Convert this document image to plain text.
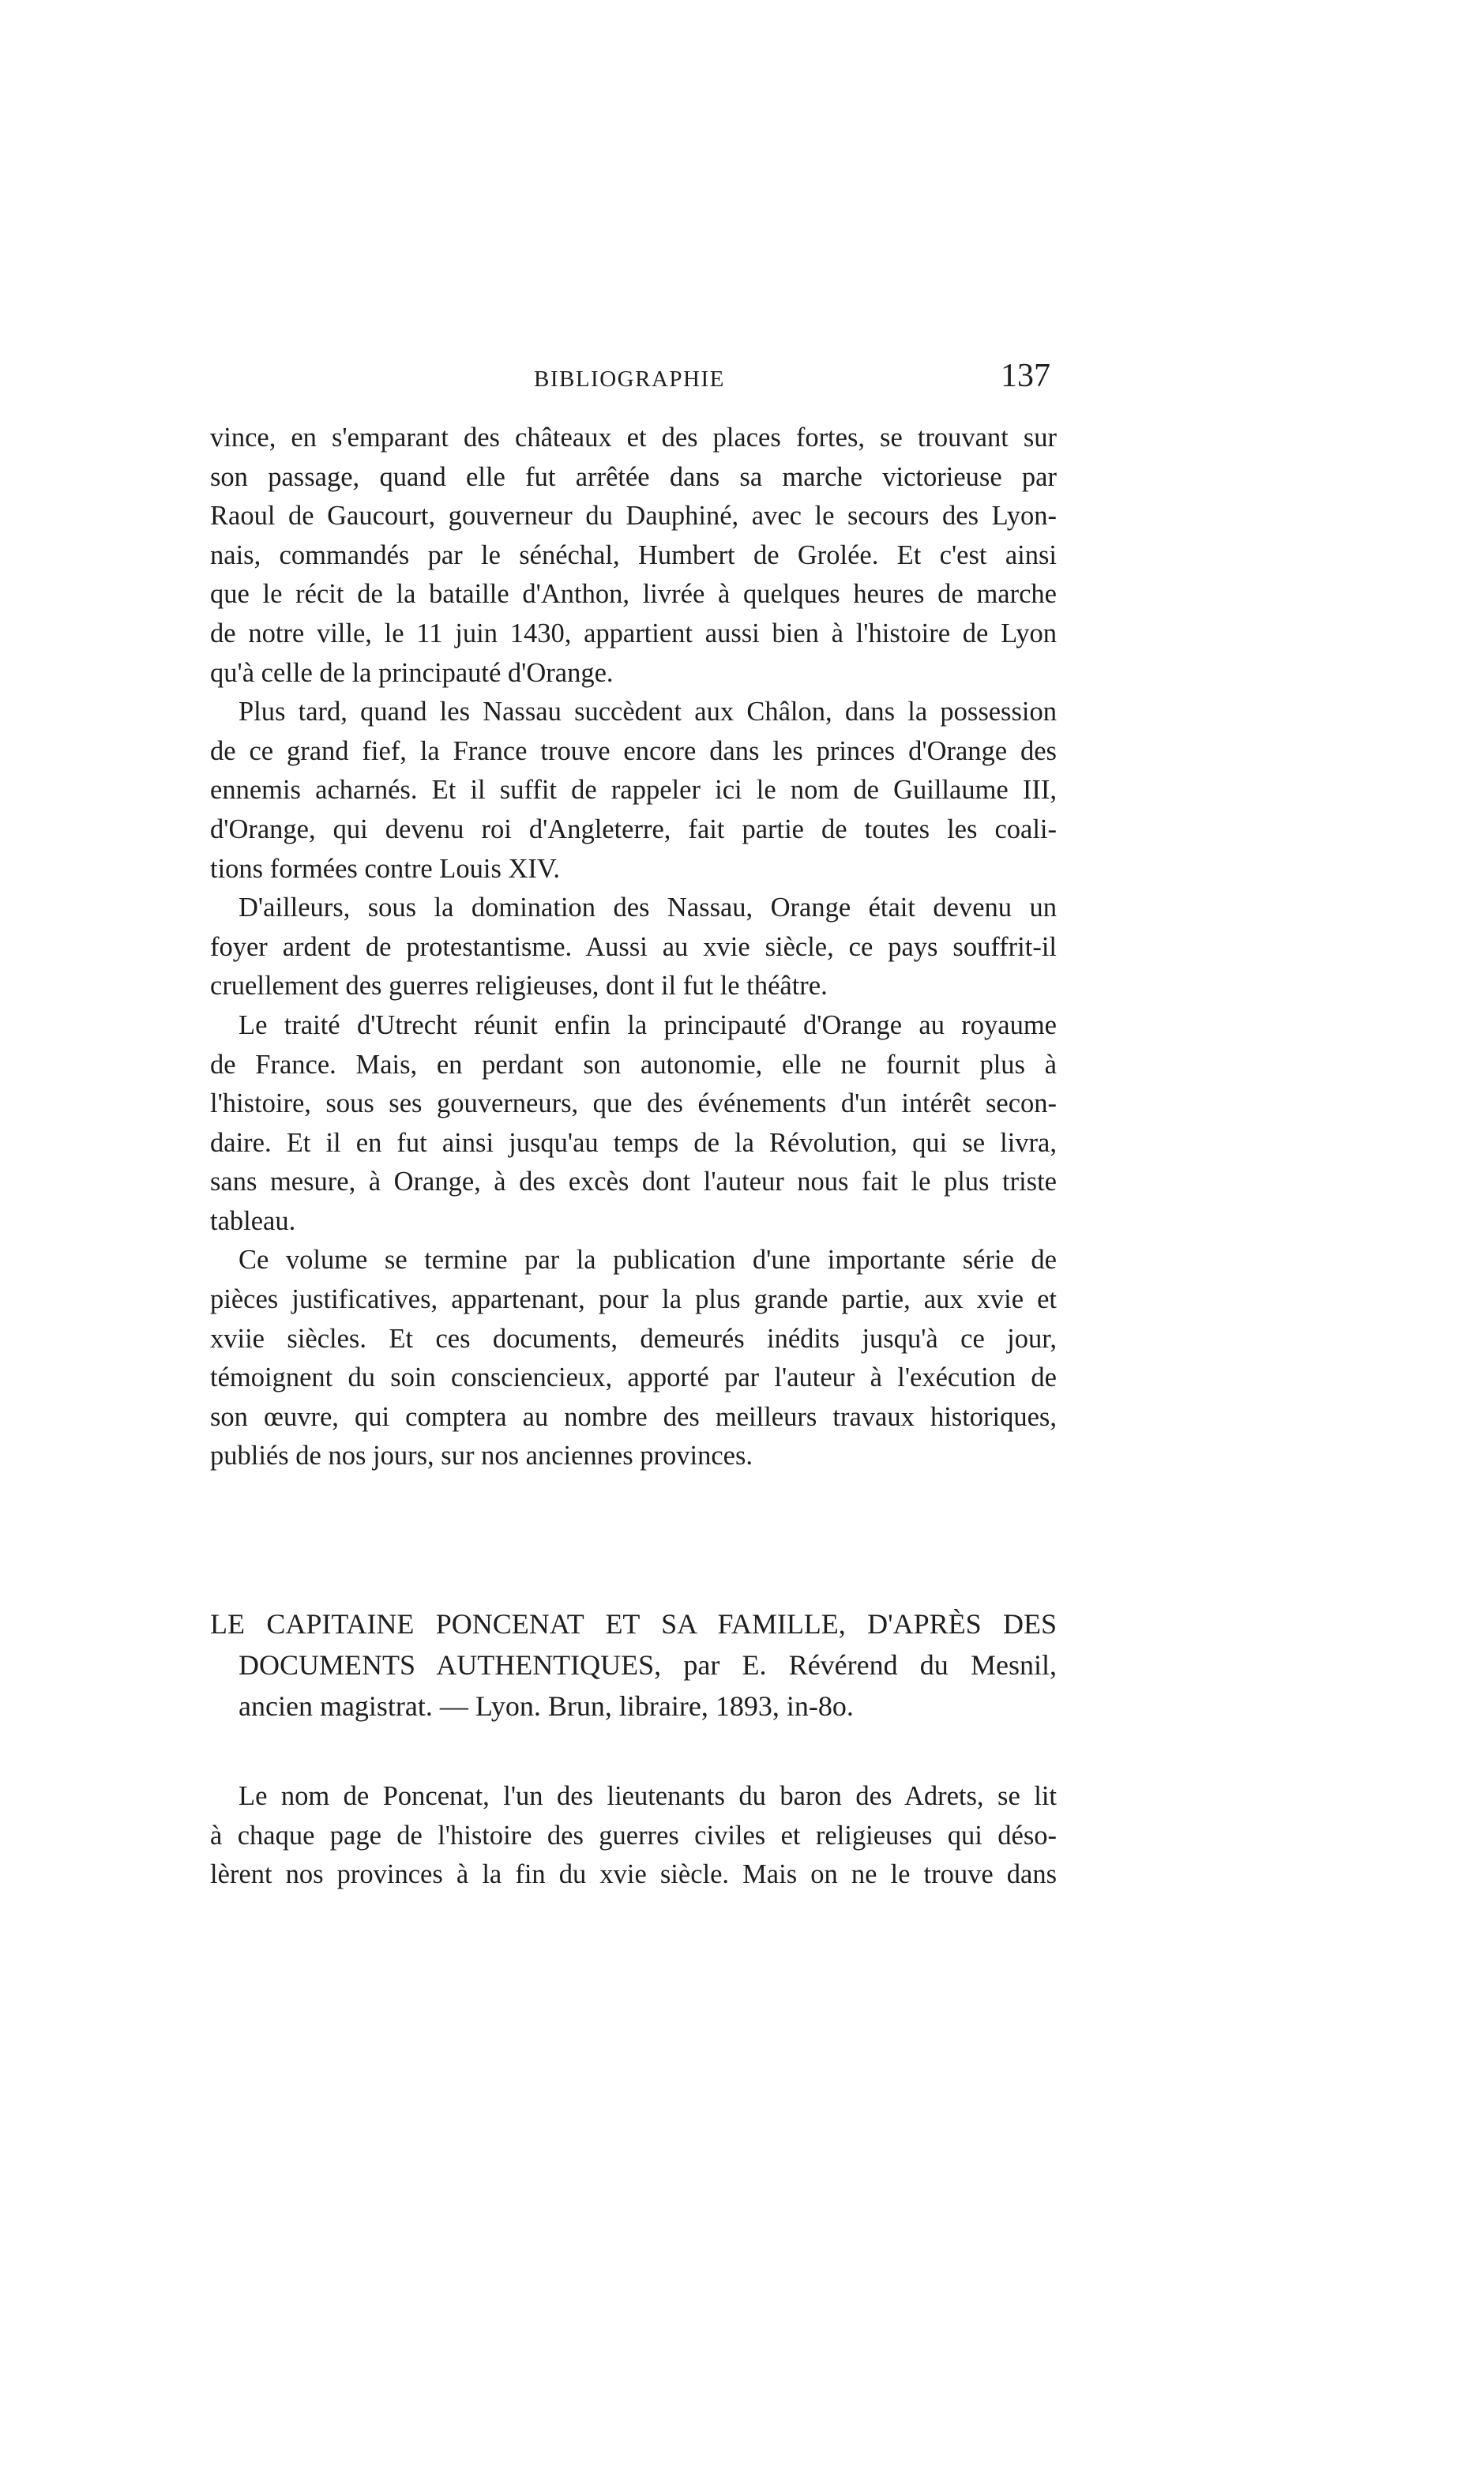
BIBLIOGRAPHIE	137
vince, en s'emparant des châteaux et des places fortes, se trouvant sur
son passage, quand elle fut arrêtée dans sa marche victorieuse par
Raoul de Gaucourt, gouverneur du Dauphiné, avec le secours des Lyon-
nais, commandés par le sénéchal, Humbert de Grolée. Et c'est ainsi
que le récit de la bataille d'Anthon, livrée à quelques heures de marche
de notre ville, le 11 juin 1430, appartient aussi bien à l'histoire de Lyon
qu'à celle de la principauté d'Orange.
Plus tard, quand les Nassau succèdent aux Châlon, dans la possession
de ce grand fief, la France trouve encore dans les princes d'Orange des
ennemis acharnés. Et il suffit de rappeler ici le nom de Guillaume III,
d'Orange, qui devenu roi d'Angleterre, fait partie de toutes les coali-
tions formées contre Louis XIV.
D'ailleurs, sous la domination des Nassau, Orange était devenu un
foyer ardent de protestantisme. Aussi au xvie siècle, ce pays souffrit-il
cruellement des guerres religieuses, dont il fut le théâtre.
Le traité d'Utrecht réunit enfin la principauté d'Orange au royaume
de France. Mais, en perdant son autonomie, elle ne fournit plus à
l'histoire, sous ses gouverneurs, que des événements d'un intérêt secon-
daire. Et il en fut ainsi jusqu'au temps de la Révolution, qui se livra,
sans mesure, à Orange, à des excès dont l'auteur nous fait le plus triste
tableau.
Ce volume se termine par la publication d'une importante série de
pièces justificatives, appartenant, pour la plus grande partie, aux xvie et
xviie siècles. Et ces documents, demeurés inédits jusqu'à ce jour,
témoignent du soin consciencieux, apporté par l'auteur à l'exécution de
son œuvre, qui comptera au nombre des meilleurs travaux historiques,
publiés de nos jours, sur nos anciennes provinces.
LE CAPITAINE PONCENAT ET SA FAMILLE, D'APRÈS DES
DOCUMENTS AUTHENTIQUES, par E. Révérend du Mesnil,
ancien magistrat. — Lyon. Brun, libraire, 1893, in-8o.
Le nom de Poncenat, l'un des lieutenants du baron des Adrets, se lit
à chaque page de l'histoire des guerres civiles et religieuses qui déso-
lèrent nos provinces à la fin du xvie siècle. Mais on ne le trouve dans
